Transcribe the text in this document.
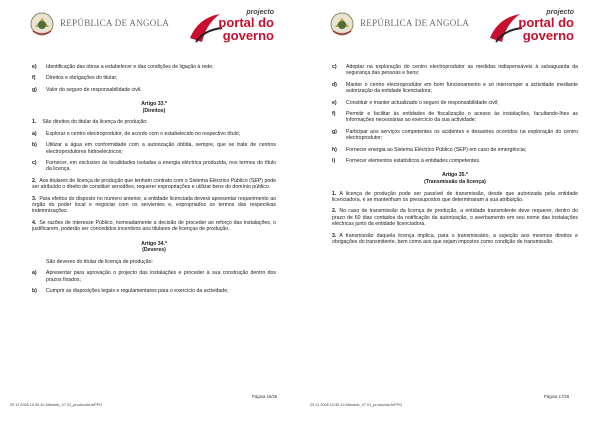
REPÚBLICA DE ANGOLA
projecto
portal do
governo
e) Identificação das obras a estabelecer e das condições de ligação à rede;
f) Direitos e obrigações do titular;
g) Valor do seguro de responsabilidade civil.
Artigo 33.º
(Direitos)
1. São direitos do titular da licença de produção:
a) Explorar o centro electroprodutor, de acordo com o estabelecido no respectivo título;
b) Utilizar a água em conformidade com a autorização obtida, sempre, que se trate de centros electroprodutores hidroeléctricos;
c) Fornecer, em exclusivo às localidades isoladas a energia eléctrica produzida, nos termos do título da licença.
2. Aos titulares de licença de produção que tenham contrato com o Sistema Eléctrico Público (SEP) pode ser atribuído o direito de constituir servidões, requerer expropriações e utilizar bens do domínio público.
3. Para efeitos do disposto no número anterior, a entidade licenciada deverá apresentar requerimento ao órgão do poder local e negociar com os servientes e, expropriados os termos das respectivas indemnizações.
4. Se razões de interesse Público, nomeadamente a decisão de proceder ao reforço das instalações, o justificarem, poderão ser concedidos incentivos aos titulares de licenças de produção.
Artigo 34.º
(Deveres)
São deveres do titular de licença de produção:
a) Apresentar para aprovação o projecto das instalações e proceder à sua construção dentro dos prazos fixados;
b) Cumprir as disposições legais e regulamentares para o exercício da actividade;
Página 16/26
29 11 2006 10:35 42 Alterado_47 01_produzido:fnPPG
REPÚBLICA DE ANGOLA
projecto
portal do
governo
c) Adoptar na exploração do centro electroprodutor as medidas indispensáveis à salvaguarda da segurança das pessoas e bens;
d) Manter o centro electroprodutor em bom funcionamento e só interromper a actividade mediante autorização da entidade licenciadora;
e) Constituir e manter actualizado o seguro de responsabilidade civil;
f) Permitir e facilitar às entidades de fiscalização o acesso às instalações, facultando-lhes as informações necessárias ao exercício da sua actividade;
g) Participar aos serviços competentes os acidentes e desastres ocorridos na exploração do centro electroprodutor;
h) Fornecer energia ao Sistema Eléctrico Público (SEP) em caso de emergência;
i) Fornecer elementos estatísticos à entidades competentes.
Artigo 35.º
(Transmissão da licença)
1. A licença de produção pode ser passível de transmissão, desde que autorizada pela entidade licenciadora, e se mantenham os pressupostos que determinaram a sua atribuição.
2. No caso de transmissão da licença de produção, a entidade transmitente deve requerer, dentro do prazo de 60 dias contados da notificação da autorização, o averbamento em seu nome das instalações eléctricas junto da entidade licenciadora.
3. A transmissão daquela licença implica, para o transmissário, a sujeição aos mesmos direitos e obrigações do transmitente, bem como aos que sejam impostos como condição de transmissão.
Página 17/26
29 11 2006 10:35 42 Alterado_47 01_produzido:fnPPG
